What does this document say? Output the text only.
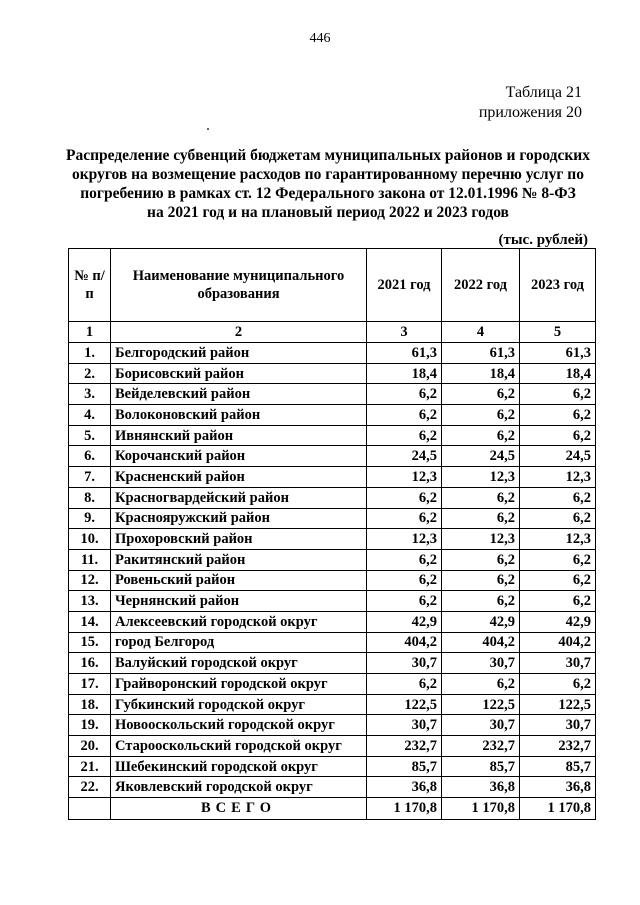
446
Таблица 21
приложения 20
Распределение субвенций бюджетам муниципальных районов и городских
округов на возмещение расходов по гарантированному перечню услуг по
погребению в рамках ст. 12 Федерального закона от 12.01.1996 № 8-ФЗ
на 2021 год и на плановый период 2022 и 2023 годов
(тыс. рублей)
№ п/п	Наименование муниципального образования	2021 год	2022 год	2023 год
1	2	3	4	5
1.	Белгородский район	61,3	61,3	61,3
2.	Борисовский район	18,4	18,4	18,4
3.	Вейделевский район	6,2	6,2	6,2
4.	Волоконовский район	6,2	6,2	6,2
5.	Ивнянский район	6,2	6,2	6,2
6.	Корочанский район	24,5	24,5	24,5
7.	Красненский район	12,3	12,3	12,3
8.	Красногвардейский район	6,2	6,2	6,2
9.	Краснояружский район	6,2	6,2	6,2
10.	Прохоровский район	12,3	12,3	12,3
11.	Ракитянский район	6,2	6,2	6,2
12.	Ровеньский район	6,2	6,2	6,2
13.	Чернянский район	6,2	6,2	6,2
14.	Алексеевский городской округ	42,9	42,9	42,9
15.	город Белгород	404,2	404,2	404,2
16.	Валуйский городской округ	30,7	30,7	30,7
17.	Грайворонский городской округ	6,2	6,2	6,2
18.	Губкинский городской округ	122,5	122,5	122,5
19.	Новооскольский городской округ	30,7	30,7	30,7
20.	Старооскольский городской округ	232,7	232,7	232,7
21.	Шебекинский городской округ	85,7	85,7	85,7
22.	Яковлевский городской округ	36,8	36,8	36,8
	ВСЕГО	1 170,8	1 170,8	1 170,8
